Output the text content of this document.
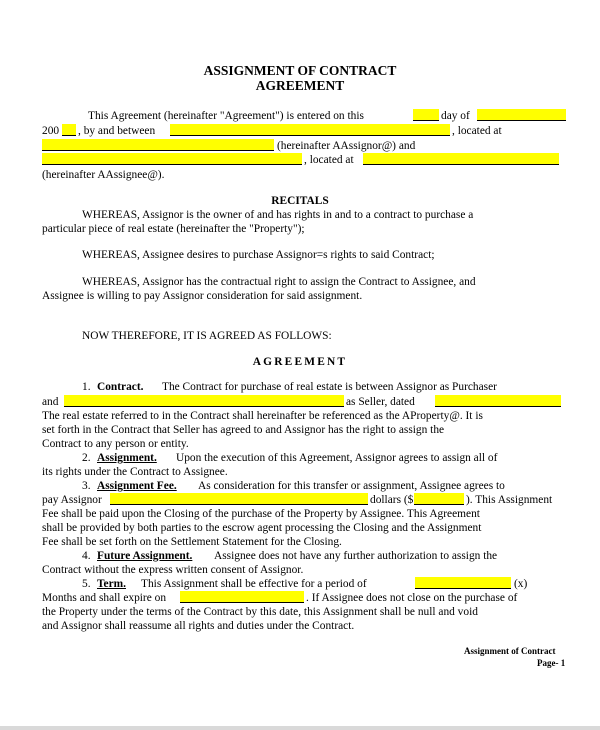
ASSIGNMENT OF CONTRACT
AGREEMENT
This Agreement (hereinafter "Agreement") is entered on this	day of
200 , by and between	, located at
(hereinafter AAssignor@) and
, located at
(hereinafter AAssignee@).
RECITALS
WHEREAS, Assignor is the owner of and has rights in and to a contract to purchase a
particular piece of real estate (hereinafter the "Property");
WHEREAS, Assignee desires to purchase Assignor=s rights to said Contract;
WHEREAS, Assignor has the contractual right to assign the Contract to Assignee, and
Assignee is willing to pay Assignor consideration for said assignment.
NOW THEREFORE, IT IS AGREED AS FOLLOWS:
AGREEMENT
1. Contract. The Contract for purchase of real estate is between Assignor as Purchaser
and	as Seller, dated
The real estate referred to in the Contract shall hereinafter be referenced as the AProperty@. It is
set forth in the Contract that Seller has agreed to and Assignor has the right to assign the
Contract to any person or entity.
2. Assignment. Upon the execution of this Agreement, Assignor agrees to assign all of
its rights under the Contract to Assignee.
3. Assignment Fee. As consideration for this transfer or assignment, Assignee agrees to
pay Assignor	dollars ($	). This Assignment
Fee shall be paid upon the Closing of the purchase of the Property by Assignee. This Agreement
shall be provided by both parties to the escrow agent processing the Closing and the Assignment
Fee shall be set forth on the Settlement Statement for the Closing.
4. Future Assignment. Assignee does not have any further authorization to assign the
Contract without the express written consent of Assignor.
5. Term. This Assignment shall be effective for a period of	(x)
Months and shall expire on	. If Assignee does not close on the purchase of
the Property under the terms of the Contract by this date, this Assignment shall be null and void
and Assignor shall reassume all rights and duties under the Contract.
Assignment of Contract
Page- 1
